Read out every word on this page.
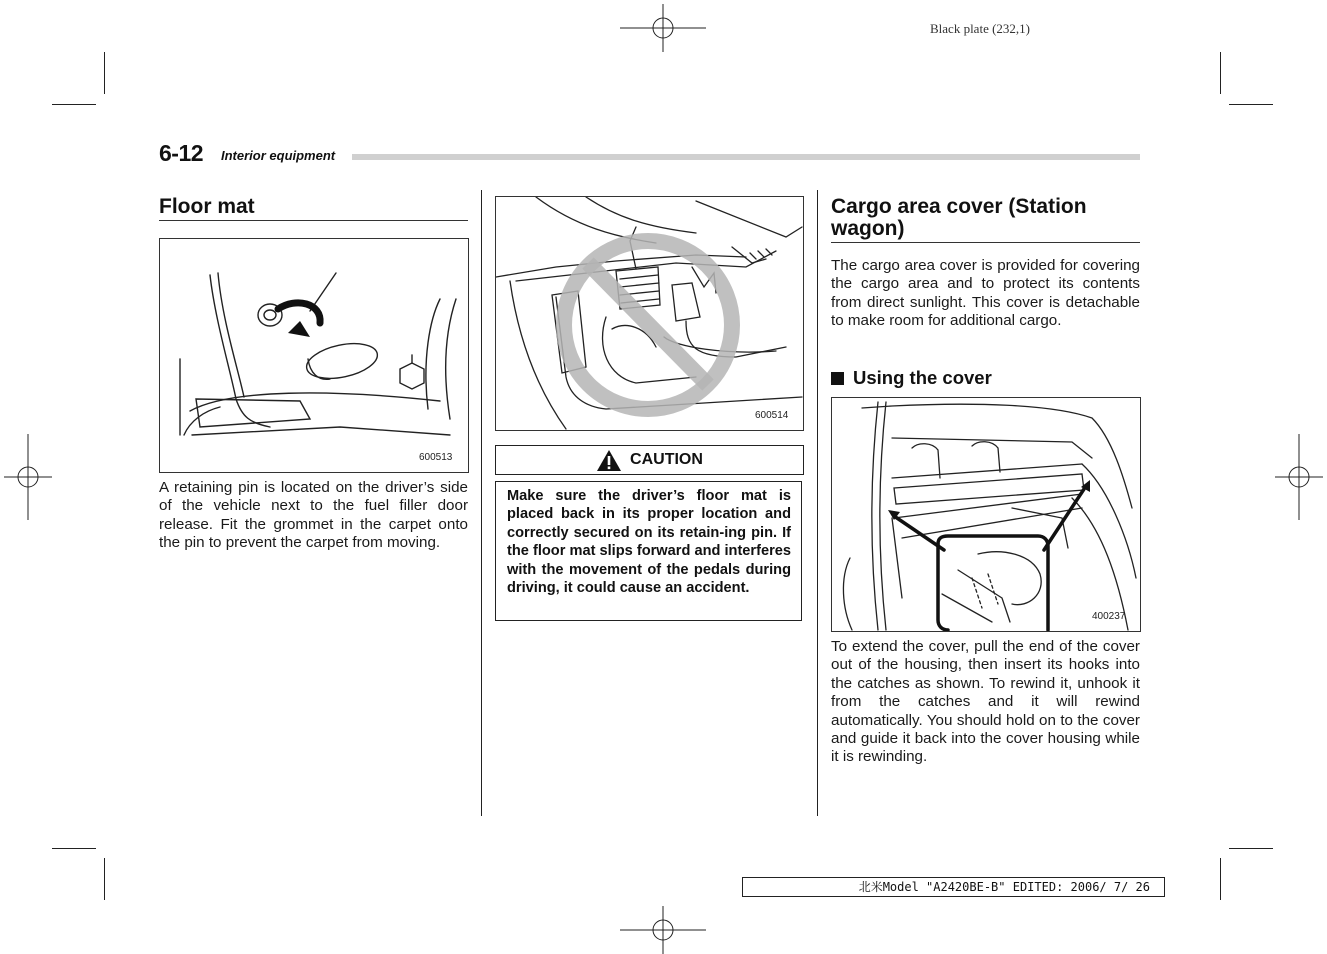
Black plate (232,1)
6-12 Interior equipment
Floor mat
600513

A retaining pin is located on the driver’s side of the vehicle next to the fuel filler door release. Fit the grommet in the carpet onto the pin to prevent the carpet from moving.

600514
CAUTION

Make sure the driver’s floor mat is placed back in its proper location and correctly secured on its retain-ing pin. If the floor mat slips forward and interferes with the movement of the pedals during driving, it could cause an accident.

Cargo area cover (Station wagon)

The cargo area cover is provided for covering the cargo area and to protect its contents from direct sunlight. This cover is detachable to make room for additional cargo.

Using the cover
400237

To extend the cover, pull the end of the cover out of the housing, then insert its hooks into the catches as shown. To rewind it, unhook it from the catches and it will rewind automatically. You should hold on to the cover and guide it back into the cover housing while it is rewinding.

北米Model "A2420BE-B" EDITED: 2006/ 7/ 26
